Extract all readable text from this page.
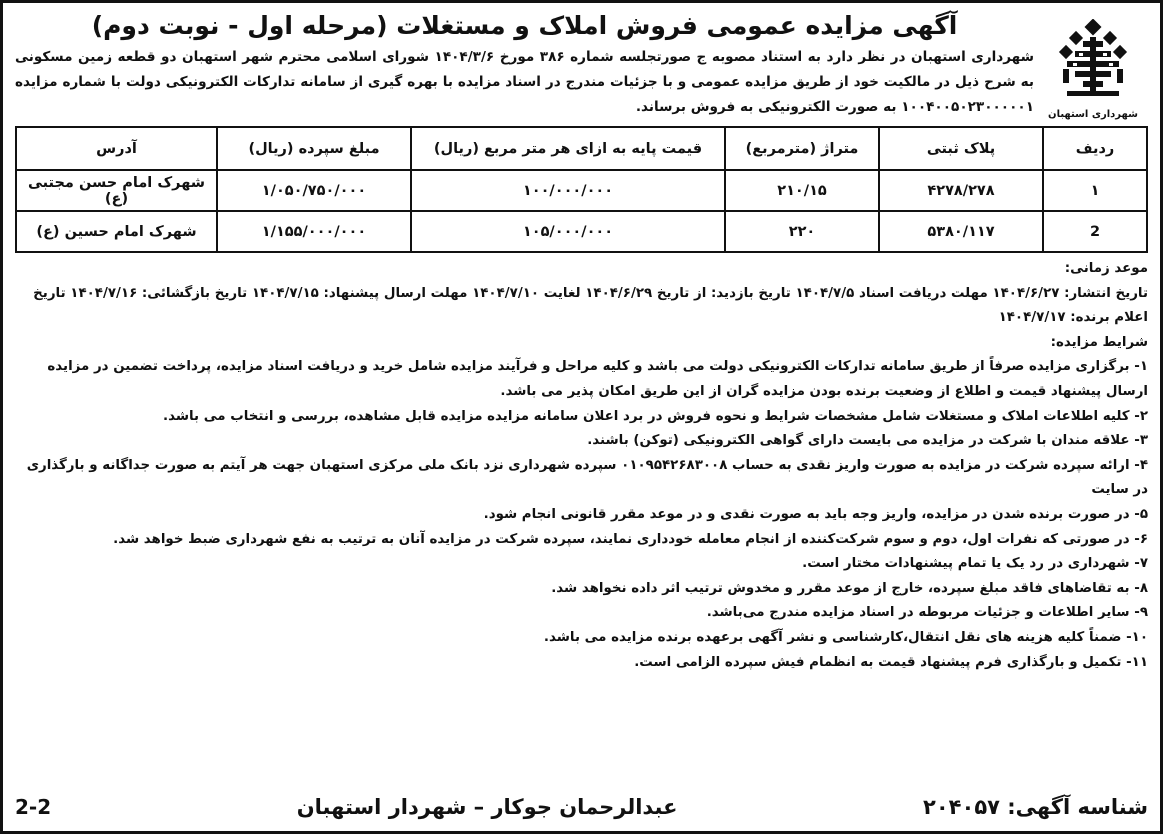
شهرداری استهبان
آگهی مزایده عمومی فروش املاک و مستغلات (مرحله اول - نوبت دوم)
شهرداری استهبان در نظر دارد به استناد مصوبه ج صورتجلسه شماره ۳۸۶ مورخ ۱۴۰۴/۳/۶ شورای اسلامی محترم شهر استهبان دو قطعه زمین مسکونی به شرح ذیل در مالکیت خود از طریق مزایده عمومی و با جزئیات مندرج در اسناد مزایده با بهره گیری از سامانه تدارکات الکترونیکی دولت با شماره مزایده ۱۰۰۴۰۰۵۰۲۳۰۰۰۰۰۱ به صورت الکترونیکی به فروش برساند.
ردیف	پلاک ثبتی	متراژ (مترمربع)	قیمت پایه به ازای هر متر مربع (ریال)	مبلغ سپرده (ریال)	آدرس
۱	۴۲۷۸/۲۷۸	۲۱۰/۱۵	۱۰۰/۰۰۰/۰۰۰	۱/۰۵۰/۷۵۰/۰۰۰	شهرک امام حسن مجتبی (ع)
2	۵۳۸۰/۱۱۷	۲۲۰	۱۰۵/۰۰۰/۰۰۰	۱/۱۵۵/۰۰۰/۰۰۰	شهرک امام حسین (ع)

موعد زمانی:

تاریخ انتشار: ۱۴۰۴/۶/۲۷ مهلت دریافت اسناد ۱۴۰۴/۷/۵ تاریخ بازدید: از تاریخ ۱۴۰۴/۶/۲۹ لغایت ۱۴۰۴/۷/۱۰ مهلت ارسال پیشنهاد: ۱۴۰۴/۷/۱۵ تاریخ بازگشائی: ۱۴۰۴/۷/۱۶ تاریخ اعلام برنده: ۱۴۰۴/۷/۱۷

شرایط مزایده:

۱- برگزاری مزایده صرفاً از طریق سامانه تدارکات الکترونیکی دولت می باشد و کلیه مراحل و فرآیند مزایده شامل خرید و دریافت اسناد مزایده، پرداخت تضمین در مزایده ارسال پیشنهاد قیمت و اطلاع از وضعیت برنده بودن مزایده گران از این طریق امکان پذیر می باشد.

۲- کلیه اطلاعات املاک و مستغلات شامل مشخصات شرایط و نحوه فروش در برد اعلان سامانه مزایده مزایده قابل مشاهده، بررسی و انتخاب می باشد.

۳- علاقه مندان با شرکت در مزایده می بایست دارای گواهی الکترونیکی (توکن) باشند.

۴- ارائه سپرده شرکت در مزایده به صورت واریز نقدی به حساب ۰۱۰۹۵۴۲۶۸۳۰۰۸ سپرده شهرداری نزد بانک ملی مرکزی استهبان جهت هر آیتم به صورت جداگانه و بارگذاری در سایت

۵- در صورت برنده شدن در مزایده، واریز وجه باید به صورت نقدی و در موعد مقرر قانونی انجام شود.

۶- در صورتی که نفرات اول، دوم و سوم شرکت‌کننده از انجام معامله خودداری نمایند، سپرده شرکت در مزایده آنان به ترتیب به نفع شهرداری ضبط خواهد شد.

۷- شهرداری در رد یک یا تمام پیشنهادات مختار است.

۸- به تقاضاهای فاقد مبلغ سپرده، خارج از موعد مقرر و مخدوش ترتیب اثر داده نخواهد شد.

۹- سایر اطلاعات و جزئیات مربوطه در اسناد مزایده مندرج می‌باشد.

۱۰- ضمناً کلیه هزینه های نقل انتقال،کارشناسی و نشر آگهی برعهده برنده مزایده می باشد.

۱۱- تکمیل و بارگذاری فرم پیشنهاد قیمت به انظمام فیش سپرده الزامی است.

شناسه آگهی: ۲۰۴۰۵۷
عبدالرحمان جوکار – شهردار استهبان
2-2
